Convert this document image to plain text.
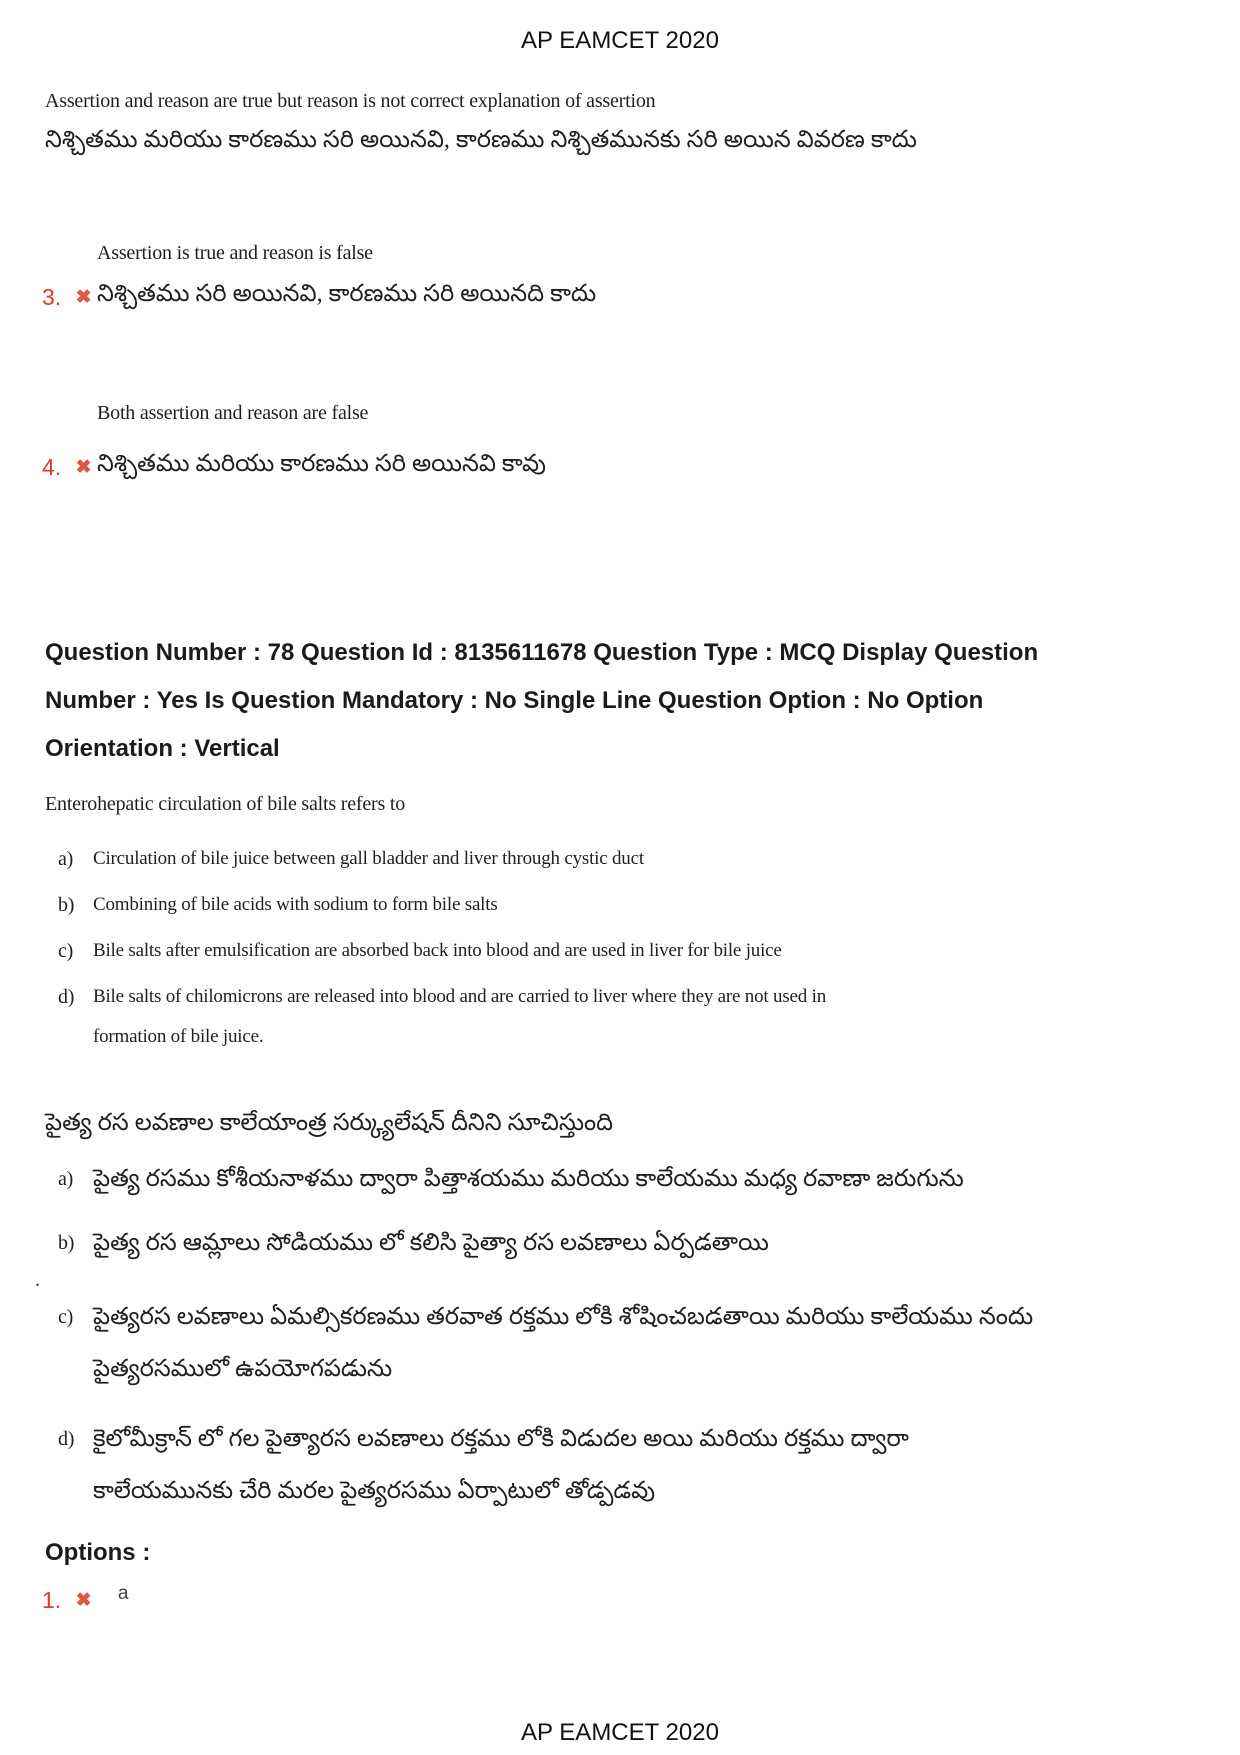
AP EAMCET 2020

Assertion and reason are true but reason is not correct explanation of assertion

నిశ్చితము మరియు కారణము సరి అయినవి, కారణము నిశ్చితమునకు సరి అయిన వివరణ కాదు

3. ✖

Assertion is true and reason is false

నిశ్చితము సరి అయినవి, కారణము సరి అయినది కాదు

4. ✖

Both assertion and reason are false

నిశ్చితము మరియు కారణము సరి అయినవి కావు

Question Number : 78 Question Id : 8135611678 Question Type : MCQ Display Question
Number : Yes Is Question Mandatory : No Single Line Question Option : No Option
Orientation : Vertical

Enterohepatic circulation of bile salts refers to

a)	Circulation of bile juice between gall bladder and liver through cystic duct
b) Combining of bile acids with sodium to form bile salts
c)	Bile salts after emulsification are absorbed back into blood and are used in liver for bile juice
d) Bile salts of chilomicrons are released into blood and are carried to liver where they are not used in formation of bile juice.

పైత్య రస లవణాల కాలేయాంత్ర సర్క్యులేషన్ దీనిని సూచిస్తుంది

a) పైత్య రసము కోశీయనాళము ద్వారా పిత్తాశయము మరియు కాలేయము మధ్య రవాణా జరుగును
b) పైత్య రస ఆమ్లాలు సోడియము లో కలిసి పైత్యా రస లవణాలు ఏర్పడతాయి
.
c) పైత్యరస లవణాలు ఏమల్సికరణము తరవాత రక్తము లోకి శోషించబడతాయి మరియు కాలేయము నందు పైత్యరసములో ఉపయోగపడును
d) కైలోమీక్రాన్ లో గల పైత్యారస లవణాలు రక్తము లోకి విడుదల అయి మరియు రక్తము ద్వారా కాలేయమునకు చేరి మరల పైత్యరసము ఏర్పాటులో తోడ్పడవు
Options :
1. ✖ $^a$
AP EAMCET 2020
